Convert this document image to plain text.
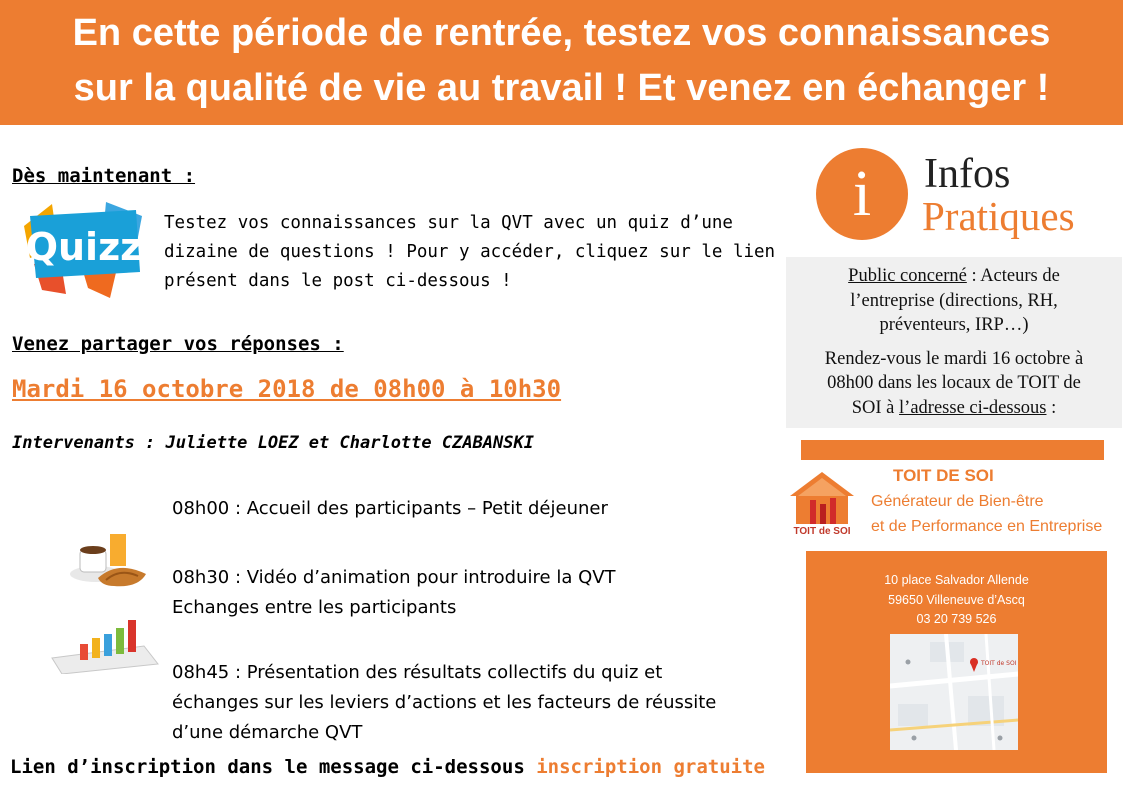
En cette période de rentrée, testez vos connaissances
sur la qualité de vie au travail ! Et venez en échanger !
Dès maintenant :
Quizz
Testez vos connaissances sur la QVT avec un quiz d’une
dizaine de questions ! Pour y accéder, cliquez sur le lien
présent dans le post ci-dessous !
Venez partager vos réponses :
Mardi 16 octobre 2018 de 08h00 à 10h30
Intervenants : Juliette LOEZ et Charlotte CZABANSKI
08h00 : Accueil des participants – Petit déjeuner
08h30 : Vidéo d’animation pour introduire la QVT
Echanges entre les participants
08h45 : Présentation des résultats collectifs du quiz et
échanges sur les leviers d’actions et les facteurs de réussite
d’une démarche QVT
Lien d’inscription dans le message ci-dessous inscription gratuite
i	Infos
Pratiques
Public concerné : Acteurs de
l’entreprise (directions, RH,
préventeurs, IRP…)
Rendez-vous le mardi 16 octobre à
08h00 dans les locaux de TOIT de
SOI à l’adresse ci-dessous :
TOIT de SOI
TOIT DE SOI
Générateur de Bien-être
et de Performance en Entreprise
10 place Salvador Allende
59650 Villeneuve d’Ascq
03 20 739 526
TOIT de SOI
